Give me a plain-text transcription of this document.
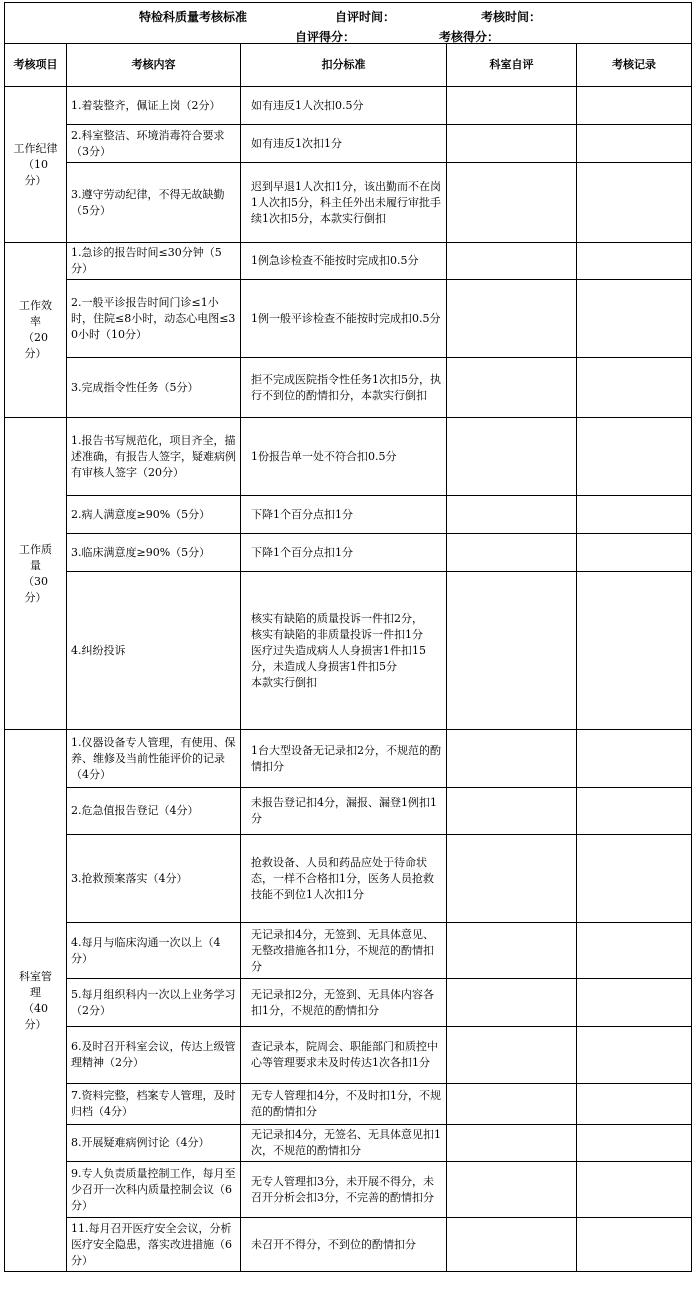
特检科质量考核标准 自评时间： 考核时间：
自评得分： 考核得分：				

考核项目	考核内容	扣分标准	科室自评	考核记录
工作纪律
（10
分）	1.着装整齐，佩证上岗（2分）	如有违反1人次扣0.5分		
	2.科室整洁、环境消毒符合要求（3分）	如有违反1次扣1分		
	3.遵守劳动纪律，不得无故缺勤（5分）	迟到早退1人次扣1分，该出勤而不在岗1人次扣5分，科主任外出未履行审批手续1次扣5分，本款实行倒扣		
工作效
率
（20
分）	1.急诊的报告时间≤30分钟（5分）	1例急诊检查不能按时完成扣0.5分		
	2.一般平诊报告时间门诊≤1小时，住院≤8小时，动态心电图≤30小时（10分）	1例一般平诊检查不能按时完成扣0.5分		
	3.完成指令性任务（5分）	拒不完成医院指令性任务1次扣5分，执行不到位的酌情扣分，本款实行倒扣		
工作质
量
（30
分）	1.报告书写规范化，项目齐全，描述准确，有报告人签字，疑难病例有审核人签字（20分）	1份报告单一处不符合扣0.5分		
	2.病人满意度≥90%（5分）	下降1个百分点扣1分		
	3.临床满意度≥90%（5分）	下降1个百分点扣1分		
	4.纠纷投诉	核实有缺陷的质量投诉一件扣2分，
核实有缺陷的非质量投诉一件扣1分
医疗过失造成病人人身损害1件扣15分，未造成人身损害1件扣5分
本款实行倒扣		
科室管
理
（40
分）	1.仪器设备专人管理，有使用、保养、维修及当前性能评价的记录（4分）	1台大型设备无记录扣2分，不规范的酌情扣分		
	2.危急值报告登记（4分）	未报告登记扣4分，漏报、漏登1例扣1分		
	3.抢救预案落实（4分）	抢救设备、人员和药品应处于待命状态，一样不合格扣1分，医务人员抢救技能不到位1人次扣1分		
	4.每月与临床沟通一次以上（4分）	无记录扣4分，无签到、无具体意见、无整改措施各扣1分，不规范的酌情扣分		
	5.每月组织科内一次以上业务学习（2分）	无记录扣2分，无签到、无具体内容各扣1分，不规范的酌情扣分		
	6.及时召开科室会议，传达上级管理精神（2分）	查记录本，院周会、职能部门和质控中心等管理要求未及时传达1次各扣1分		
	7.资料完整，档案专人管理，及时归档（4分）	无专人管理扣4分，不及时扣1分，不规范的酌情扣分		
	8.开展疑难病例讨论（4分）	无记录扣4分，无签名、无具体意见扣1次，不规范的酌情扣分		
	9.专人负责质量控制工作，每月至少召开一次科内质量控制会议（6分）	无专人管理扣3分，未开展不得分，未召开分析会扣3分，不完善的酌情扣分		
	11.每月召开医疗安全会议，分析医疗安全隐患，落实改进措施（6分）	未召开不得分，不到位的酌情扣分		
